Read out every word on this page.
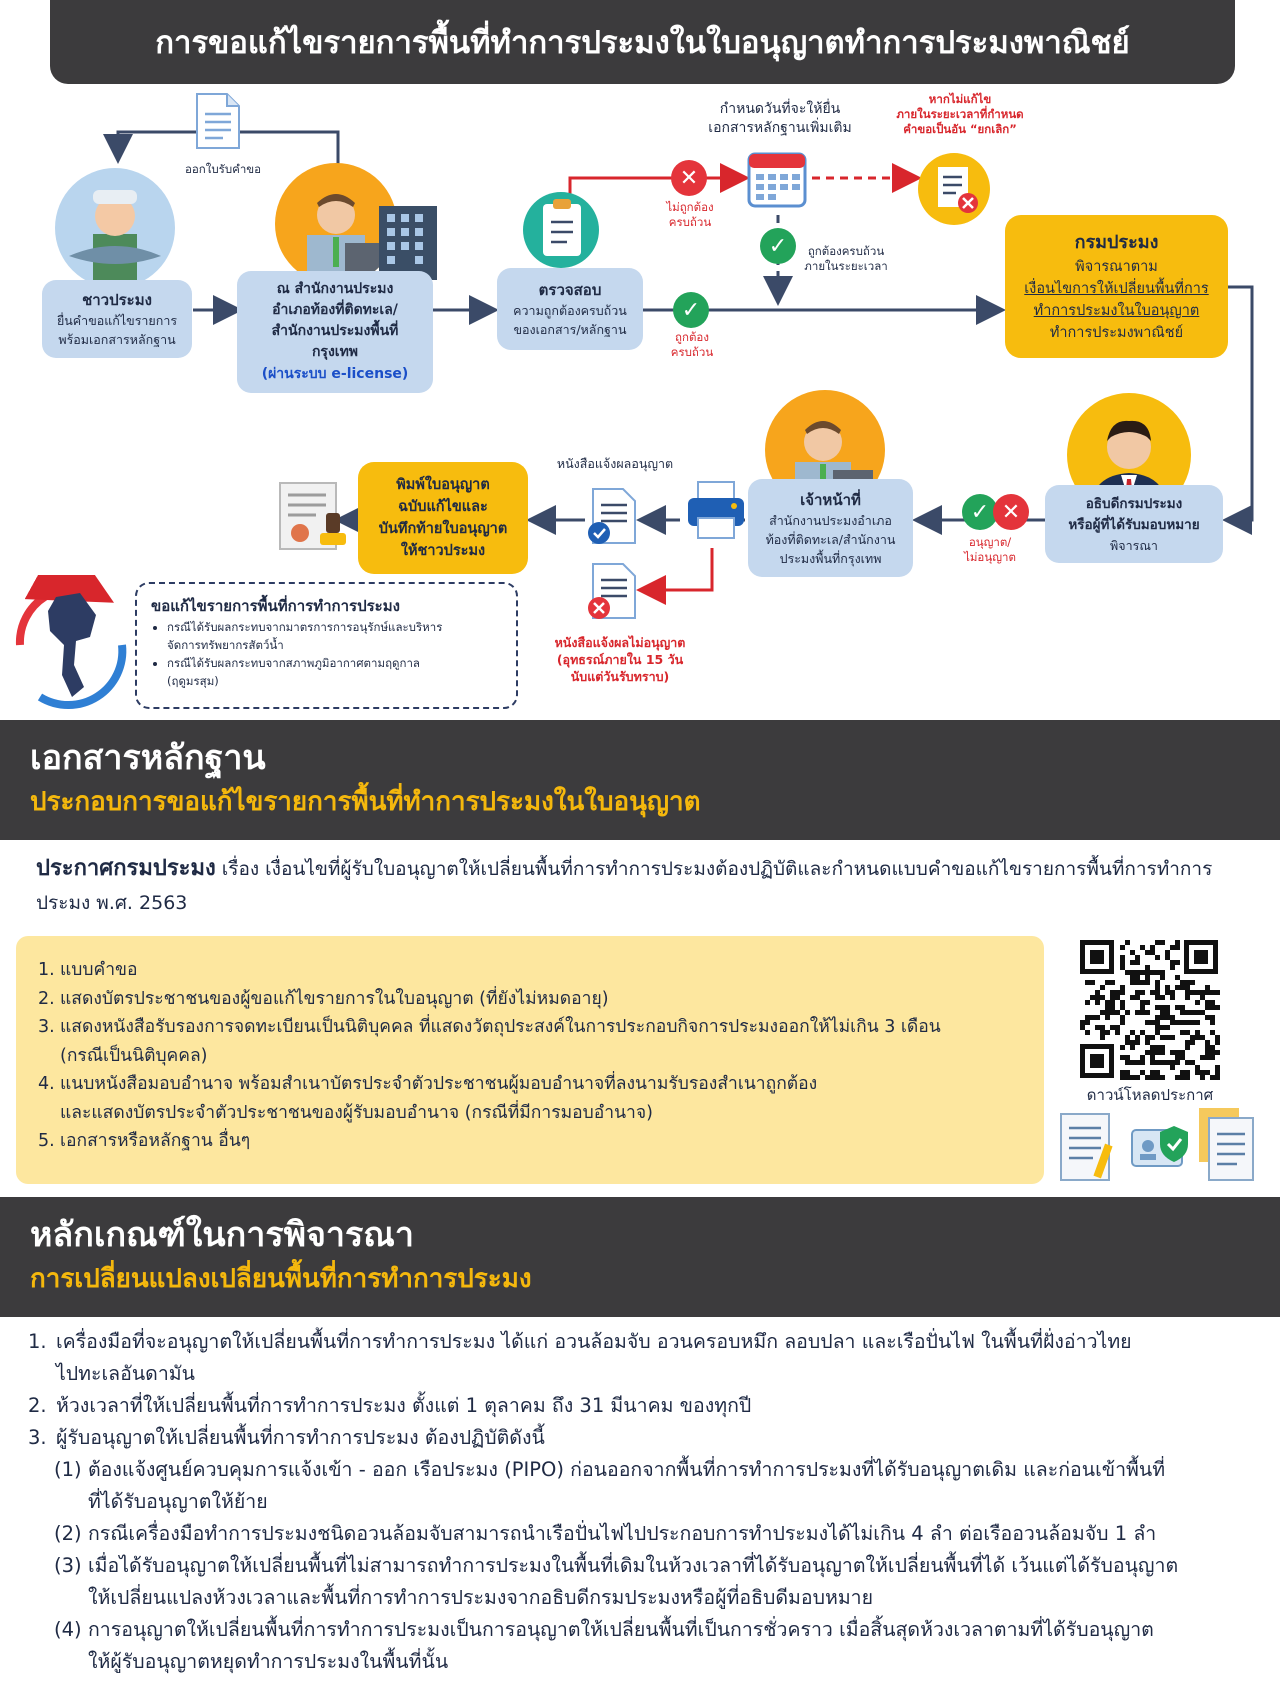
การขอแก้ไขรายการพื้นที่ทำการประมงในใบอนุญาตทำการประมงพาณิชย์
ออกใบรับคำขอ
ชาวประมง
ยื่นคำขอแก้ไขรายการ
พร้อมเอกสารหลักฐาน
ณ สำนักงานประมง
อำเภอท้องที่ติดทะเล/
สำนักงานประมงพื้นที่
กรุงเทพ
(ผ่านระบบ e-license)
ตรวจสอบ
ความถูกต้องครบถ้วน
ของเอกสาร/หลักฐาน
✕
ไม่ถูกต้อง
ครบถ้วน
✓
ถูกต้อง
ครบถ้วน
กำหนดวันที่จะให้ยื่น
เอกสารหลักฐานเพิ่มเติม
หากไม่แก้ไข
ภายในระยะเวลาที่กำหนด
คำขอเป็นอัน “ยกเลิก”
✓	ถูกต้องครบถ้วน
ภายในระยะเวลา
กรมประมง
พิจารณาตาม
เงื่อนไขการให้เปลี่ยนพื้นที่การ
ทำการประมงในใบอนุญาต
ทำการประมงพาณิชย์
อธิบดีกรมประมง
หรือผู้ที่ได้รับมอบหมาย
พิจารณา
✓ ✕
อนุญาต/
ไม่อนุญาต
เจ้าหน้าที่
สำนักงานประมงอำเภอ
ท้องที่ติดทะเล/สำนักงาน
ประมงพื้นที่กรุงเทพ
หนังสือแจ้งผลอนุญาต
หนังสือแจ้งผลไม่อนุญาต
(อุทธรณ์ภายใน 15 วัน
นับแต่วันรับทราบ)
พิมพ์ใบอนุญาต
ฉบับแก้ไขและ
บันทึกท้ายใบอนุญาต
ให้ชาวประมง
ขอแก้ไขรายการพื้นที่การทำการประมง
• กรณีได้รับผลกระทบจากมาตรการการอนุรักษ์และบริหาร
จัดการทรัพยากรสัตว์น้ำ
• กรณีได้รับผลกระทบจากสภาพภูมิอากาศตามฤดูกาล
(ฤดูมรสุม)
เอกสารหลักฐาน
ประกอบการขอแก้ไขรายการพื้นที่ทำการประมงในใบอนุญาต
ประกาศกรมประมง เรื่อง เงื่อนไขที่ผู้รับใบอนุญาตให้เปลี่ยนพื้นที่การทำการประมงต้องปฏิบัติและกำหนดแบบคำขอแก้ไขรายการพื้นที่การทำการประมง พ.ศ. 2563
1. แบบคำขอ
2. แสดงบัตรประชาชนของผู้ขอแก้ไขรายการในใบอนุญาต (ที่ยังไม่หมดอายุ)
3. แสดงหนังสือรับรองการจดทะเบียนเป็นนิติบุคคล ที่แสดงวัตถุประสงค์ในการประกอบกิจการประมงออกให้ไม่เกิน 3 เดือน
(กรณีเป็นนิติบุคคล)
4. แนบหนังสือมอบอำนาจ พร้อมสำเนาบัตรประจำตัวประชาชนผู้มอบอำนาจที่ลงนามรับรองสำเนาถูกต้อง
และแสดงบัตรประจำตัวประชาชนของผู้รับมอบอำนาจ (กรณีที่มีการมอบอำนาจ)
5. เอกสารหรือหลักฐาน อื่นๆ
ดาวน์โหลดประกาศ
หลักเกณฑ์ในการพิจารณา
การเปลี่ยนแปลงเปลี่ยนพื้นที่การทำการประมง
1. เครื่องมือที่จะอนุญาตให้เปลี่ยนพื้นที่การทำการประมง ได้แก่ อวนล้อมจับ อวนครอบหมึก ลอบปลา และเรือปั่นไฟ ในพื้นที่ฝั่งอ่าวไทย
ไปทะเลอันดามัน
2. ห้วงเวลาที่ให้เปลี่ยนพื้นที่การทำการประมง ตั้งแต่ 1 ตุลาคม ถึง 31 มีนาคม ของทุกปี
3. ผู้รับอนุญาตให้เปลี่ยนพื้นที่การทำการประมง ต้องปฏิบัติดังนี้
(1) ต้องแจ้งศูนย์ควบคุมการแจ้งเข้า - ออก เรือประมง (PIPO) ก่อนออกจากพื้นที่การทำการประมงที่ได้รับอนุญาตเดิม และก่อนเข้าพื้นที่
ที่ได้รับอนุญาตให้ย้าย
(2) กรณีเครื่องมือทำการประมงชนิดอวนล้อมจับสามารถนำเรือปั่นไฟไปประกอบการทำประมงได้ไม่เกิน 4 ลำ ต่อเรืออวนล้อมจับ 1 ลำ
(3) เมื่อได้รับอนุญาตให้เปลี่ยนพื้นที่ไม่สามารถทำการประมงในพื้นที่เดิมในห้วงเวลาที่ได้รับอนุญาตให้เปลี่ยนพื้นที่ได้ เว้นแต่ได้รับอนุญาต
ให้เปลี่ยนแปลงห้วงเวลาและพื้นที่การทำการประมงจากอธิบดีกรมประมงหรือผู้ที่อธิบดีมอบหมาย
(4) การอนุญาตให้เปลี่ยนพื้นที่การทำการประมงเป็นการอนุญาตให้เปลี่ยนพื้นที่เป็นการชั่วคราว เมื่อสิ้นสุดห้วงเวลาตามที่ได้รับอนุญาต
ให้ผู้รับอนุญาตหยุดทำการประมงในพื้นที่นั้น
